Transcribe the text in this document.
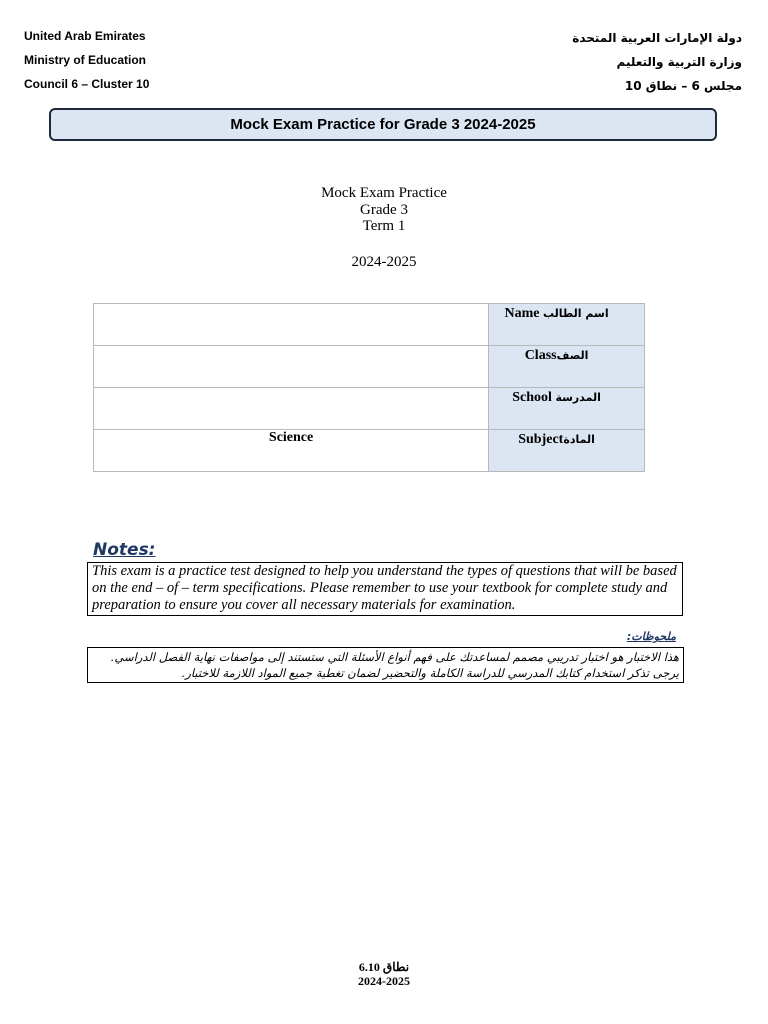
United Arab Emirates
Ministry of Education
Council 6 – Cluster 10
دولة الإمارات العربية المتحدة
وزارة التربية والتعليم
مجلس 6 – نطاق 10
Mock Exam Practice for Grade 3 2024-2025
Mock Exam Practice
Grade 3
Term 1
2024-2025

	Name اسم الطالب

	Classالصف

	School المدرسة

Science	Subjectالمادة
Notes:
This exam is a practice test designed to help you understand the types of questions that will be based on the end – of – term specifications. Please remember to use your textbook for complete study and preparation to ensure you cover all necessary materials for examination.
ملحوظات:
هذا الاختبار هو اختبار تدريبي مصمم لمساعدتك على فهم أنواع الأسئلة التي ستستند إلى مواصفات نهاية الفصل الدراسي. يرجى تذكر استخدام كتابك المدرسي للدراسة الكاملة والتحضير لضمان تغطية جميع المواد اللازمة للاختبار.
نطاق 6.10
2024-2025
